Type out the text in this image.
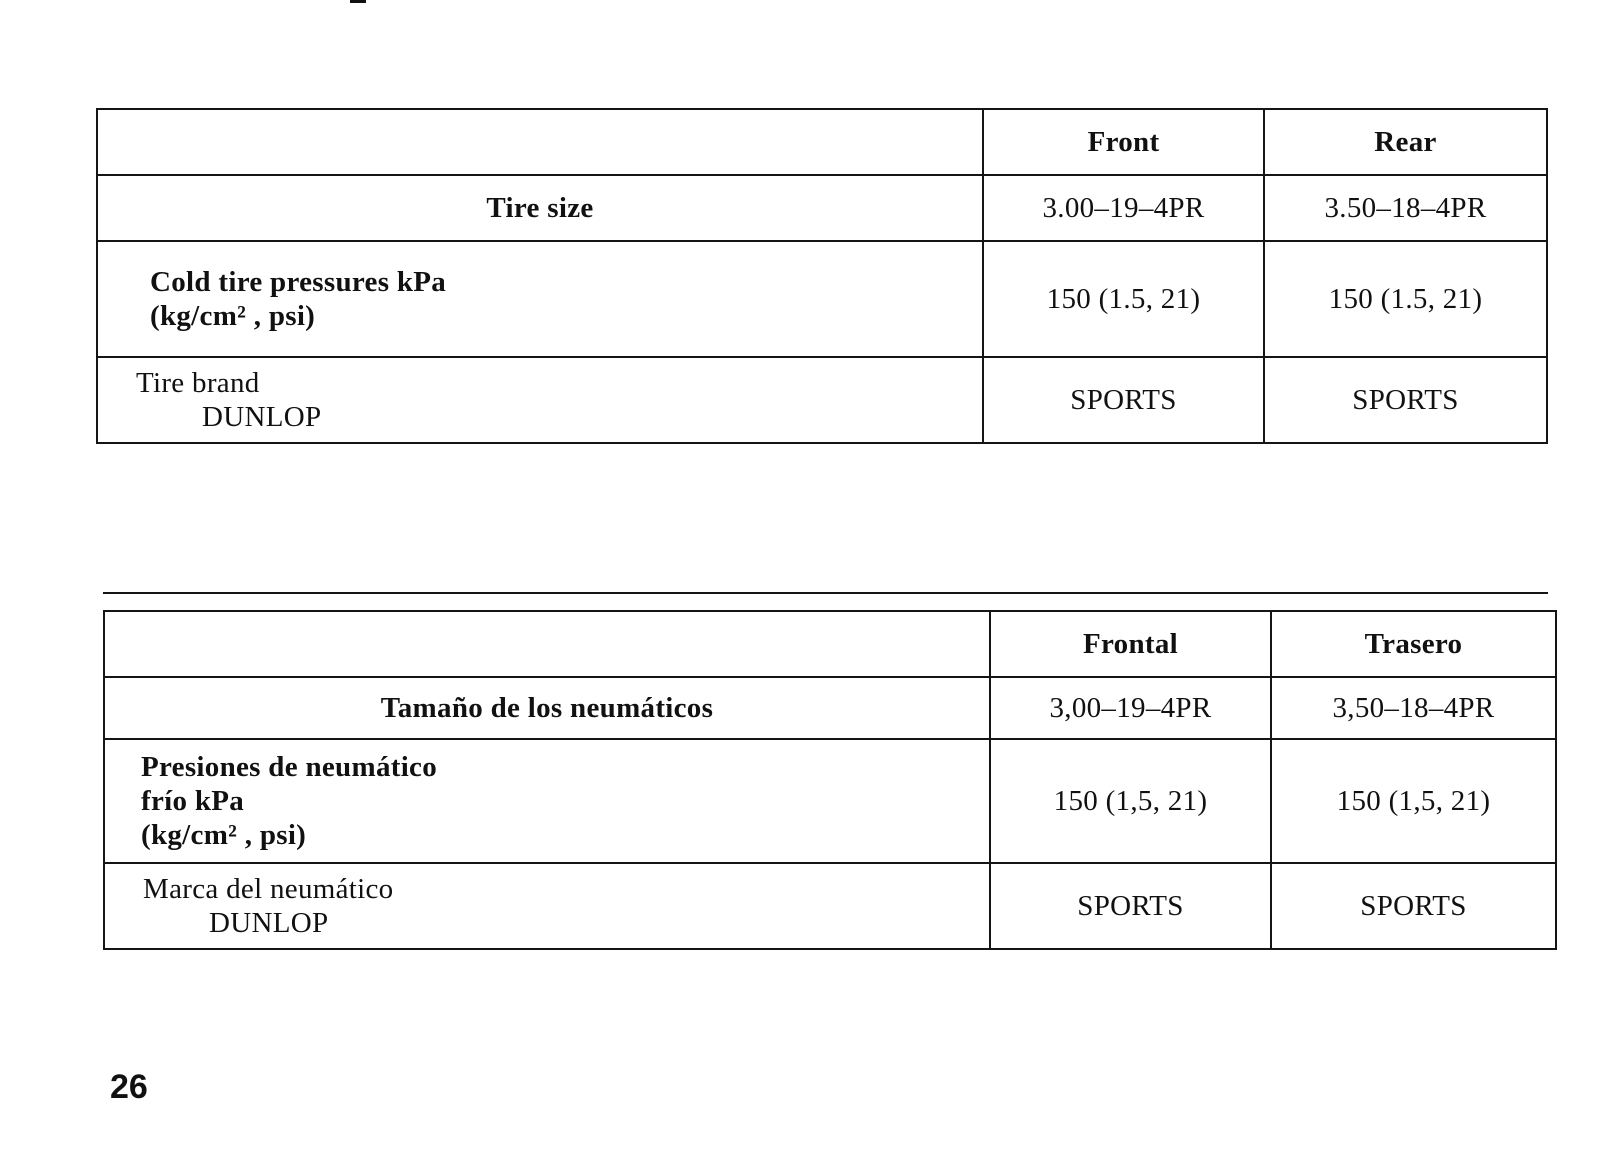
	Front	Rear
Tire size	3.00–19–4PR	3.50–18–4PR

Cold tire pressures kPa
(kg/cm² , psi)	150 (1.5, 21)	150 (1.5, 21)

Tire brand
DUNLOP	SPORTS	SPORTS
	Frontal	Trasero
Tamaño de los neumáticos	3,00–19–4PR	3,50–18–4PR

Presiones de neumático
frío kPa
(kg/cm² , psi)	150 (1,5, 21)	150 (1,5, 21)

Marca del neumático
DUNLOP	SPORTS	SPORTS
26
